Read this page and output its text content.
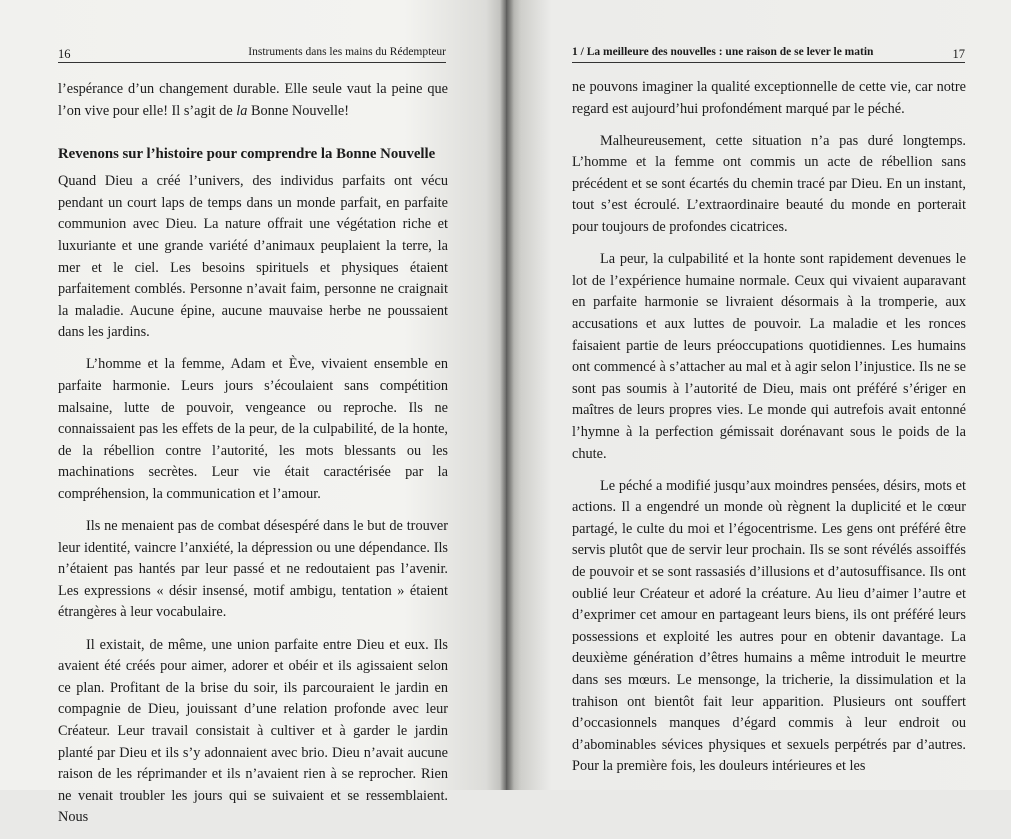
16	Instruments dans les mains du Rédempteur

l’espérance d’un changement durable. Elle seule vaut la peine que l’on vive pour elle! Il s’agit de la Bonne Nouvelle!

Revenons sur l’histoire pour comprendre la Bonne Nouvelle

Quand Dieu a créé l’univers, des individus parfaits ont vécu pendant un court laps de temps dans un monde parfait, en parfaite communion avec Dieu. La nature offrait une végétation riche et luxuriante et une grande variété d’animaux peuplaient la terre, la mer et le ciel. Les besoins spirituels et physiques étaient parfaitement comblés. Personne n’avait faim, personne ne craignait la maladie. Aucune épine, aucune mauvaise herbe ne poussaient dans les jardins.

L’homme et la femme, Adam et Ève, vivaient ensemble en parfaite harmonie. Leurs jours s’écoulaient sans compétition malsaine, lutte de pouvoir, vengeance ou reproche. Ils ne connaissaient pas les effets de la peur, de la culpabilité, de la honte, de la rébellion contre l’autorité, les mots blessants ou les machinations secrètes. Leur vie était caractérisée par la compréhension, la communication et l’amour.

Ils ne menaient pas de combat désespéré dans le but de trouver leur identité, vaincre l’anxiété, la dépression ou une dépendance. Ils n’étaient pas hantés par leur passé et ne redoutaient pas l’avenir. Les expressions « désir insensé, motif ambigu, tentation » étaient étrangères à leur vocabulaire.

Il existait, de même, une union parfaite entre Dieu et eux. Ils avaient été créés pour aimer, adorer et obéir et ils agissaient selon ce plan. Profitant de la brise du soir, ils parcouraient le jardin en compagnie de Dieu, jouissant d’une relation profonde avec leur Créateur. Leur travail consistait à cultiver et à garder le jardin planté par Dieu et ils s’y adonnaient avec brio. Dieu n’avait aucune raison de les réprimander et ils n’avaient rien à se reprocher. Rien ne venait troubler les jours qui se suivaient et se ressemblaient. Nous

1 / La meilleure des nouvelles : une raison de se lever le matin	17

ne pouvons imaginer la qualité exceptionnelle de cette vie, car notre regard est aujourd’hui profondément marqué par le péché.

Malheureusement, cette situation n’a pas duré longtemps. L’homme et la femme ont commis un acte de rébellion sans précédent et se sont écartés du chemin tracé par Dieu. En un instant, tout s’est écroulé. L’extraordinaire beauté du monde en porterait pour toujours de profondes cicatrices.

La peur, la culpabilité et la honte sont rapidement devenues le lot de l’expérience humaine normale. Ceux qui vivaient auparavant en parfaite harmonie se livraient désormais à la tromperie, aux accusations et aux luttes de pouvoir. La maladie et les ronces faisaient partie de leurs préoccupations quotidiennes. Les humains ont commencé à s’attacher au mal et à agir selon l’injustice. Ils ne se sont pas soumis à l’autorité de Dieu, mais ont préféré s’ériger en maîtres de leurs propres vies. Le monde qui autrefois avait entonné l’hymne à la perfection gémissait dorénavant sous le poids de la chute.

Le péché a modifié jusqu’aux moindres pensées, désirs, mots et actions. Il a engendré un monde où règnent la duplicité et le cœur partagé, le culte du moi et l’égocentrisme. Les gens ont préféré être servis plutôt que de servir leur prochain. Ils se sont révélés assoiffés de pouvoir et se sont rassasiés d’illusions et d’autosuffisance. Ils ont oublié leur Créateur et adoré la créature. Au lieu d’aimer l’autre et d’exprimer cet amour en partageant leurs biens, ils ont préféré leurs possessions et exploité les autres pour en obtenir davantage. La deuxième génération d’êtres humains a même introduit le meurtre dans ses mœurs. Le mensonge, la tricherie, la dissimulation et la trahison ont bientôt fait leur apparition. Plusieurs ont souffert d’occasionnels manques d’égard commis à leur endroit ou d’abominables sévices physiques et sexuels perpétrés par d’autres. Pour la première fois, les douleurs intérieures et les
